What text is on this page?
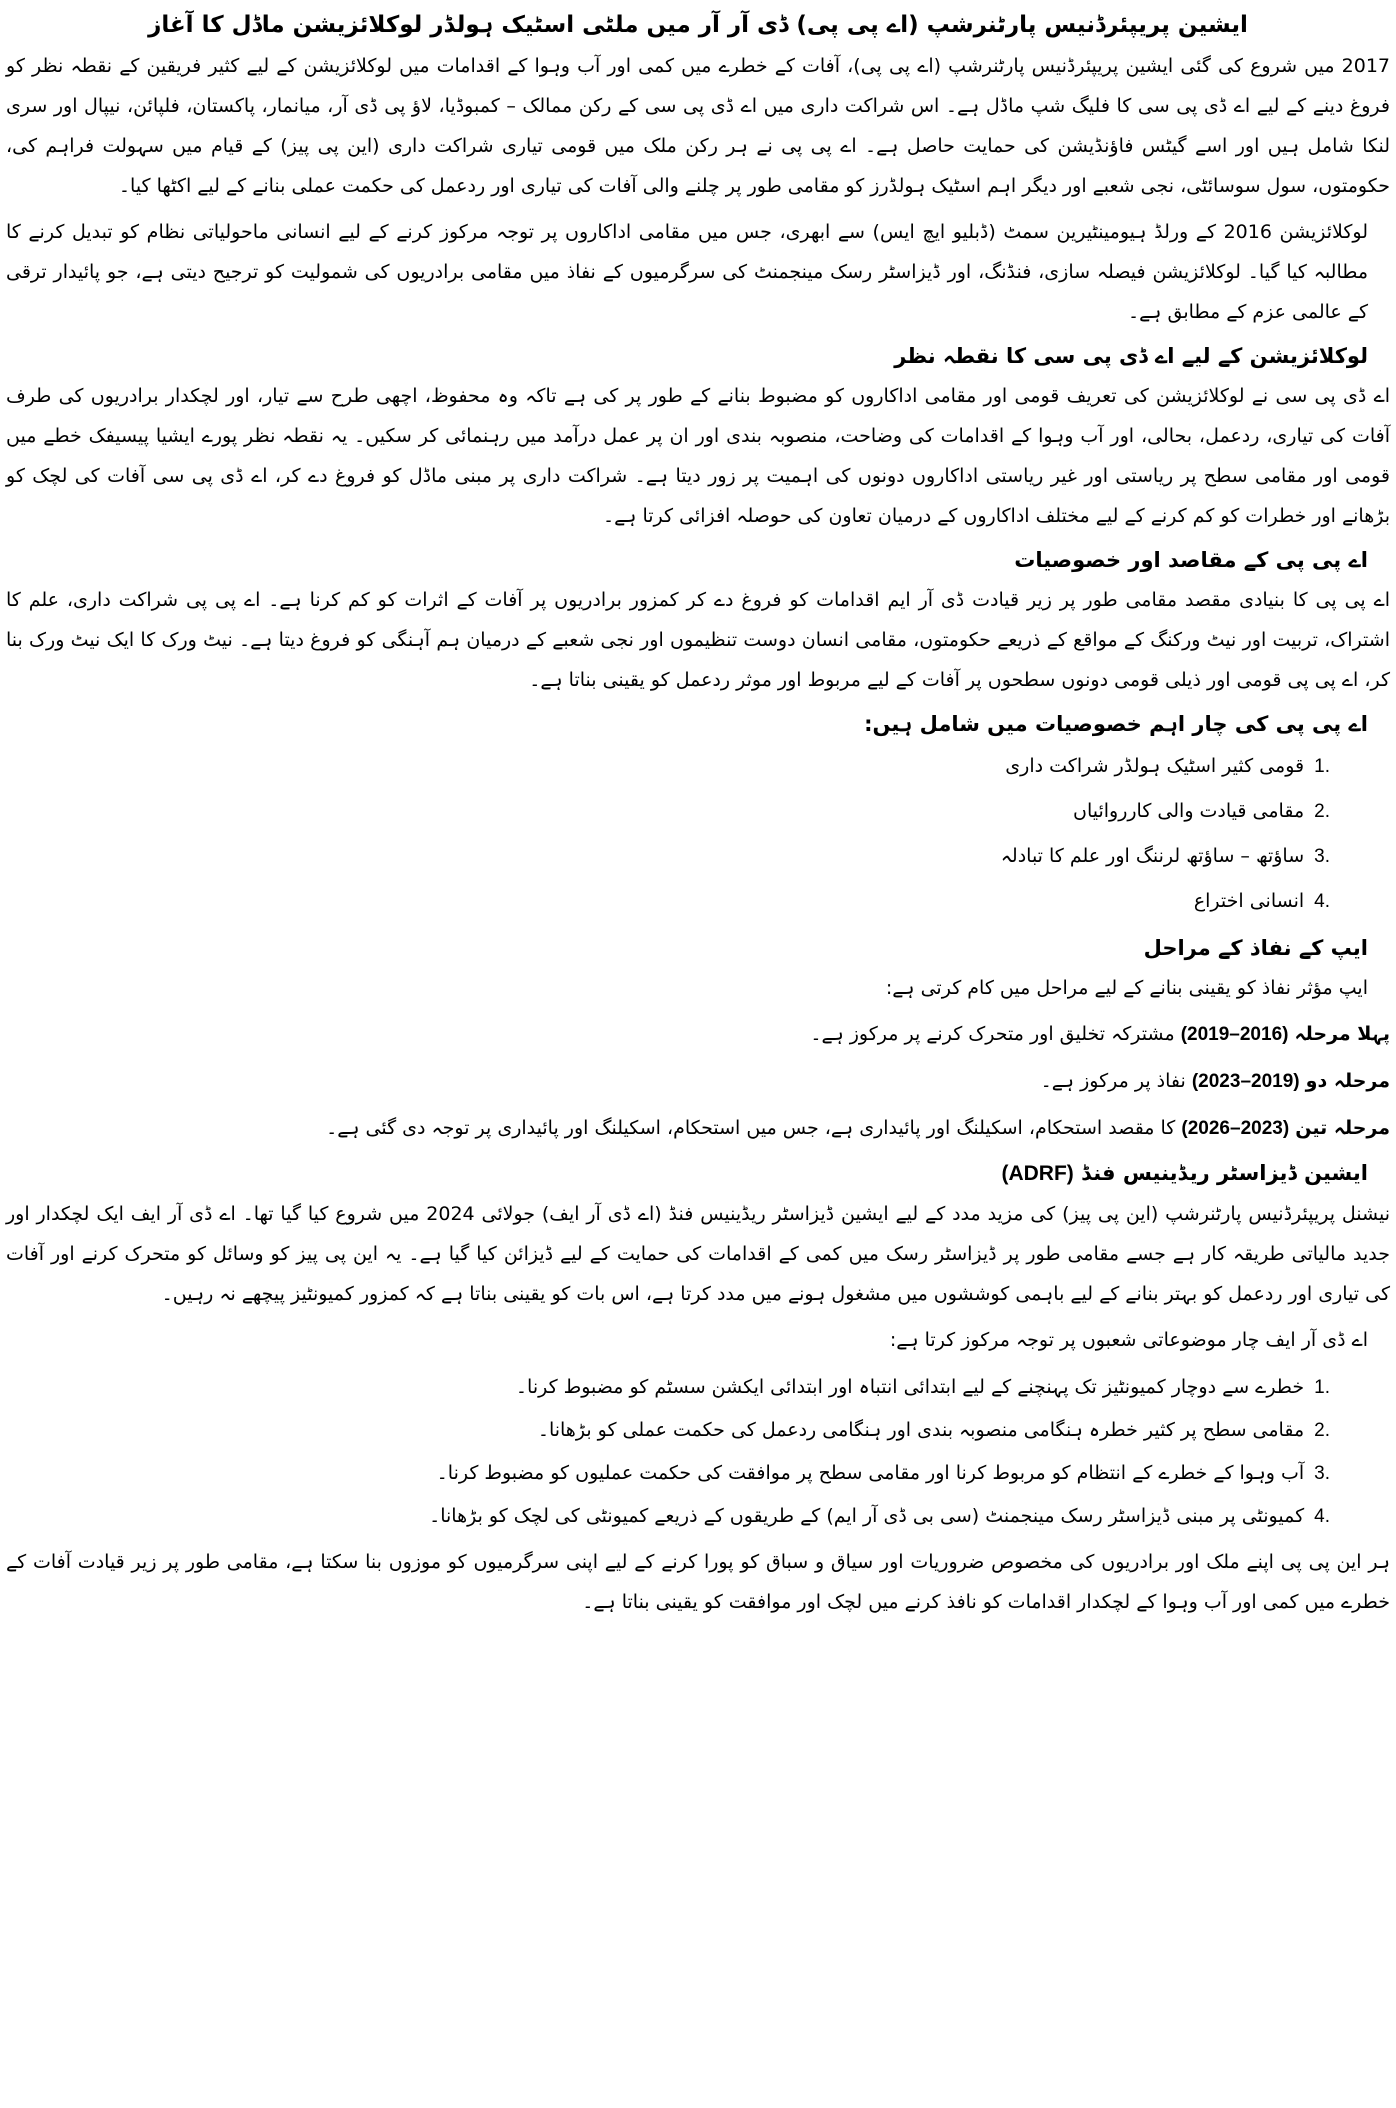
ایشین پریپئرڈنیس پارٹنرشپ (اے پی پی) ڈی آر آر میں ملٹی اسٹیک ہولڈر لوکلائزیشن ماڈل کا آغاز

2017 میں شروع کی گئی ایشین پریپئرڈنیس پارٹنرشپ (اے پی پی)، آفات کے خطرے میں کمی اور آب وہوا کے اقدامات میں لوکلائزیشن کے لیے کثیر فریقین کے نقطہ نظر کو فروغ دینے کے لیے اے ڈی پی سی کا فلیگ شپ ماڈل ہے۔ اس شراکت داری میں اے ڈی پی سی کے رکن ممالک – کمبوڈیا، لاؤ پی ڈی آر، میانمار، پاکستان، فلپائن، نیپال اور سری لنکا شامل ہیں اور اسے گیٹس فاؤنڈیشن کی حمایت حاصل ہے۔ اے پی پی نے ہر رکن ملک میں قومی تیاری شراکت داری (این پی پیز) کے قیام میں سہولت فراہم کی، حکومتوں، سول سوسائٹی، نجی شعبے اور دیگر اہم اسٹیک ہولڈرز کو مقامی طور پر چلنے والی آفات کی تیاری اور ردعمل کی حکمت عملی بنانے کے لیے اکٹھا کیا۔

لوکلائزیشن 2016 کے ورلڈ ہیومینٹیرین سمٹ (ڈبلیو ایچ ایس) سے ابھری، جس میں مقامی اداکاروں پر توجہ مرکوز کرنے کے لیے انسانی ماحولیاتی نظام کو تبدیل کرنے کا مطالبہ کیا گیا۔ لوکلائزیشن فیصلہ سازی، فنڈنگ، اور ڈیزاسٹر رسک مینجمنٹ کی سرگرمیوں کے نفاذ میں مقامی برادریوں کی شمولیت کو ترجیح دیتی ہے، جو پائیدار ترقی کے عالمی عزم کے مطابق ہے۔

لوکلائزیشن کے لیے اے ڈی پی سی کا نقطہ نظر

اے ڈی پی سی نے لوکلائزیشن کی تعریف قومی اور مقامی اداکاروں کو مضبوط بنانے کے طور پر کی ہے تاکہ وہ محفوظ، اچھی طرح سے تیار، اور لچکدار برادریوں کی طرف آفات کی تیاری، ردعمل، بحالی، اور آب وہوا کے اقدامات کی وضاحت، منصوبہ بندی اور ان پر عمل درآمد میں رہنمائی کر سکیں۔ یہ نقطہ نظر پورے ایشیا پیسیفک خطے میں قومی اور مقامی سطح پر ریاستی اور غیر ریاستی اداکاروں دونوں کی اہمیت پر زور دیتا ہے۔ شراکت داری پر مبنی ماڈل کو فروغ دے کر، اے ڈی پی سی آفات کی لچک کو بڑھانے اور خطرات کو کم کرنے کے لیے مختلف اداکاروں کے درمیان تعاون کی حوصلہ افزائی کرتا ہے۔

اے پی پی کے مقاصد اور خصوصیات

اے پی پی کا بنیادی مقصد مقامی طور پر زیر قیادت ڈی آر ایم اقدامات کو فروغ دے کر کمزور برادریوں پر آفات کے اثرات کو کم کرنا ہے۔ اے پی پی شراکت داری، علم کا اشتراک، تربیت اور نیٹ ورکنگ کے مواقع کے ذریعے حکومتوں، مقامی انسان دوست تنظیموں اور نجی شعبے کے درمیان ہم آہنگی کو فروغ دیتا ہے۔ نیٹ ورک کا ایک نیٹ ورک بنا کر، اے پی پی قومی اور ذیلی قومی دونوں سطحوں پر آفات کے لیے مربوط اور موثر ردعمل کو یقینی بناتا ہے۔

اے پی پی کی چار اہم خصوصیات میں شامل ہیں:
1.قومی کثیر اسٹیک ہولڈر شراکت داری
2.مقامی قیادت والی کارروائیاں
3.ساؤتھ – ساؤتھ لرننگ اور علم کا تبادلہ
4.انسانی اختراع
ایپ کے نفاذ کے مراحل

ایپ مؤثر نفاذ کو یقینی بنانے کے لیے مراحل میں کام کرتی ہے:

پہلا مرحلہ (2019–2016) مشترکہ تخلیق اور متحرک کرنے پر مرکوز ہے۔

مرحلہ دو (2023–2019) نفاذ پر مرکوز ہے۔

مرحلہ تین (2026–2023) کا مقصد استحکام، اسکیلنگ اور پائیداری ہے، جس میں استحکام، اسکیلنگ اور پائیداری پر توجہ دی گئی ہے۔

ایشین ڈیزاسٹر ریڈینیس فنڈ (ADRF)

نیشنل پریپئرڈنیس پارٹنرشپ (این پی پیز) کی مزید مدد کے لیے ایشین ڈیزاسٹر ریڈینیس فنڈ (اے ڈی آر ایف) جولائی 2024 میں شروع کیا گیا تھا۔ اے ڈی آر ایف ایک لچکدار اور جدید مالیاتی طریقہ کار ہے جسے مقامی طور پر ڈیزاسٹر رسک میں کمی کے اقدامات کی حمایت کے لیے ڈیزائن کیا گیا ہے۔ یہ این پی پیز کو وسائل کو متحرک کرنے اور آفات کی تیاری اور ردعمل کو بہتر بنانے کے لیے باہمی کوششوں میں مشغول ہونے میں مدد کرتا ہے، اس بات کو یقینی بناتا ہے کہ کمزور کمیونٹیز پیچھے نہ رہیں۔

اے ڈی آر ایف چار موضوعاتی شعبوں پر توجہ مرکوز کرتا ہے:

1.خطرے سے دوچار کمیونٹیز تک پہنچنے کے لیے ابتدائی انتباہ اور ابتدائی ایکشن سسٹم کو مضبوط کرنا۔
2.مقامی سطح پر کثیر خطرہ ہنگامی منصوبہ بندی اور ہنگامی ردعمل کی حکمت عملی کو بڑھانا۔
3.آب وہوا کے خطرے کے انتظام کو مربوط کرنا اور مقامی سطح پر موافقت کی حکمت عملیوں کو مضبوط کرنا۔
4.کمیونٹی پر مبنی ڈیزاسٹر رسک مینجمنٹ (سی بی ڈی آر ایم) کے طریقوں کے ذریعے کمیونٹی کی لچک کو بڑھانا۔

ہر این پی پی اپنے ملک اور برادریوں کی مخصوص ضروریات اور سیاق و سباق کو پورا کرنے کے لیے اپنی سرگرمیوں کو موزوں بنا سکتا ہے، مقامی طور پر زیر قیادت آفات کے خطرے میں کمی اور آب وہوا کے لچکدار اقدامات کو نافذ کرنے میں لچک اور موافقت کو یقینی بناتا ہے۔
